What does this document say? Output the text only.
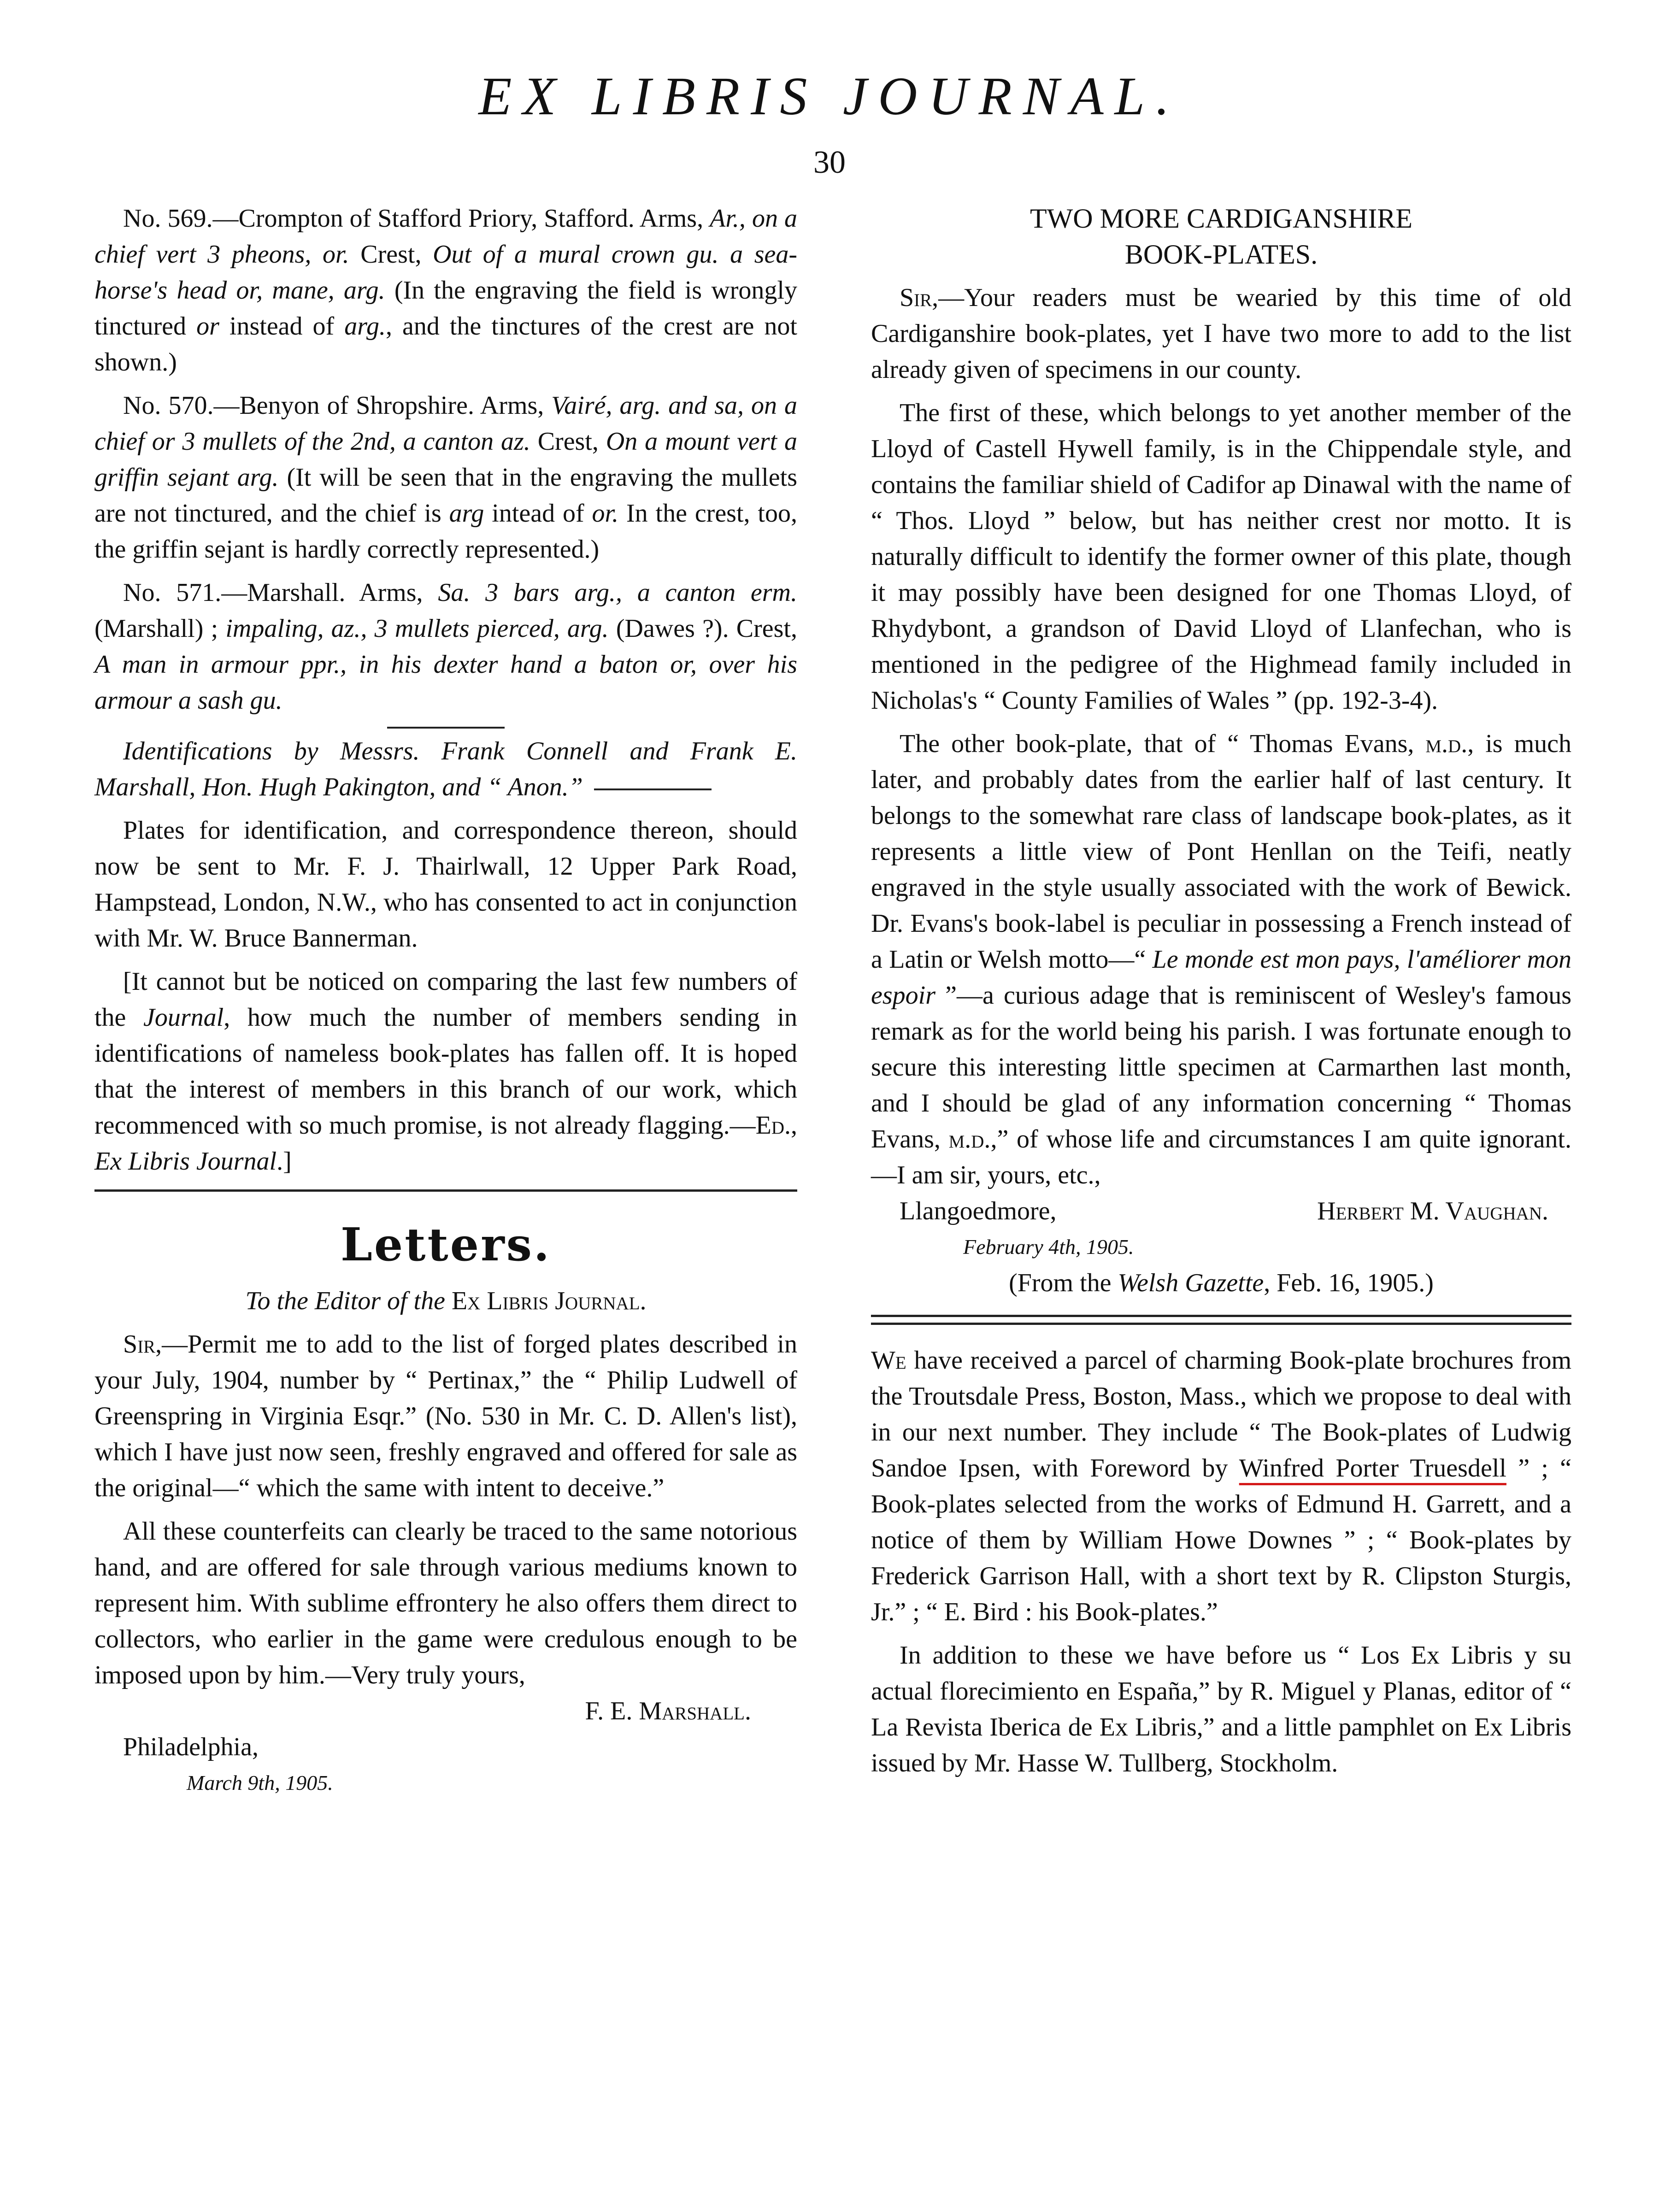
EX LIBRIS JOURNAL.
30

No. 569.—Crompton of Stafford Priory, Stafford. Arms, Ar., on a chief vert 3 pheons, or. Crest, Out of a mural crown gu. a sea-horse's head or, mane, arg. (In the engraving the field is wrongly tinctured or instead of arg., and the tinctures of the crest are not shown.)

No. 570.—Benyon of Shropshire. Arms, Vairé, arg. and sa, on a chief or 3 mullets of the 2nd, a canton az. Crest, On a mount vert a griffin sejant arg. (It will be seen that in the engraving the mullets are not tinctured, and the chief is arg intead of or. In the crest, too, the griffin sejant is hardly correctly represented.)

No. 571.—Marshall. Arms, Sa. 3 bars arg., a canton erm. (Marshall) ; impaling, az., 3 mullets pierced, arg. (Dawes ?). Crest, A man in armour ppr., in his dexter hand a baton or, over his armour a sash gu.

Identifications by Messrs. Frank Connell and Frank E. Marshall, Hon. Hugh Pakington, and “ Anon.”

Plates for identification, and correspondence thereon, should now be sent to Mr. F. J. Thairlwall, 12 Upper Park Road, Hampstead, London, N.W., who has consented to act in conjunction with Mr. W. Bruce Bannerman.

[It cannot but be noticed on comparing the last few numbers of the Journal, how much the number of members sending in identifications of nameless book-plates has fallen off. It is hoped that the interest of members in this branch of our work, which recommenced with so much promise, is not already flagging.—Ed., Ex Libris Journal.]

Letters.

To the Editor of the Ex Libris Journal.

Sir,—Permit me to add to the list of forged plates described in your July, 1904, number by “ Pertinax,” the “ Philip Ludwell of Greenspring in Virginia Esqr.” (No. 530 in Mr. C. D. Allen's list), which I have just now seen, freshly engraved and offered for sale as the original—“ which the same with intent to deceive.”

All these counterfeits can clearly be traced to the same notorious hand, and are offered for sale through various mediums known to represent him. With sublime effrontery he also offers them direct to collectors, who earlier in the game were credulous enough to be imposed upon by him.—Very truly yours,

F. E. Marshall.

Philadelphia,

March 9th, 1905.

TWO MORE CARDIGANSHIRE

BOOK-PLATES.

Sir,—Your readers must be wearied by this time of old Cardiganshire book-plates, yet I have two more to add to the list already given of specimens in our county.

The first of these, which belongs to yet another member of the Lloyd of Castell Hywell family, is in the Chippendale style, and contains the familiar shield of Cadifor ap Dinawal with the name of “ Thos. Lloyd ” below, but has neither crest nor motto. It is naturally difficult to identify the former owner of this plate, though it may possibly have been designed for one Thomas Lloyd, of Rhydybont, a grandson of David Lloyd of Llanfechan, who is mentioned in the pedigree of the Highmead family included in Nicholas's “ County Families of Wales ” (pp. 192-3-4).

The other book-plate, that of “ Thomas Evans, m.d., is much later, and probably dates from the earlier half of last century. It belongs to the somewhat rare class of landscape book-plates, as it represents a little view of Pont Henllan on the Teifi, neatly engraved in the style usually associated with the work of Bewick. Dr. Evans's book-label is peculiar in possessing a French instead of a Latin or Welsh motto—“ Le monde est mon pays, l'améliorer mon espoir ”—a curious adage that is reminiscent of Wesley's famous remark as for the world being his parish. I was fortunate enough to secure this interesting little specimen at Carmarthen last month, and I should be glad of any information concerning “ Thomas Evans, m.d.,” of whose life and circumstances I am quite ignorant.—I am sir, yours, etc.,

Llangoedmore,	Herbert M. Vaughan.

February 4th, 1905.

(From the Welsh Gazette, Feb. 16, 1905.)

We have received a parcel of charming Book-plate brochures from the Troutsdale Press, Boston, Mass., which we propose to deal with in our next number. They include “ The Book-plates of Ludwig Sandoe Ipsen, with Foreword by Winfred Porter Truesdell ” ; “ Book-plates selected from the works of Edmund H. Garrett, and a notice of them by William Howe Downes ” ; “ Book-plates by Frederick Garrison Hall, with a short text by R. Clipston Sturgis, Jr.” ; “ E. Bird : his Book-plates.”

In addition to these we have before us “ Los Ex Libris y su actual florecimiento en España,” by R. Miguel y Planas, editor of “ La Revista Iberica de Ex Libris,” and a little pamphlet on Ex Libris issued by Mr. Hasse W. Tullberg, Stockholm.
